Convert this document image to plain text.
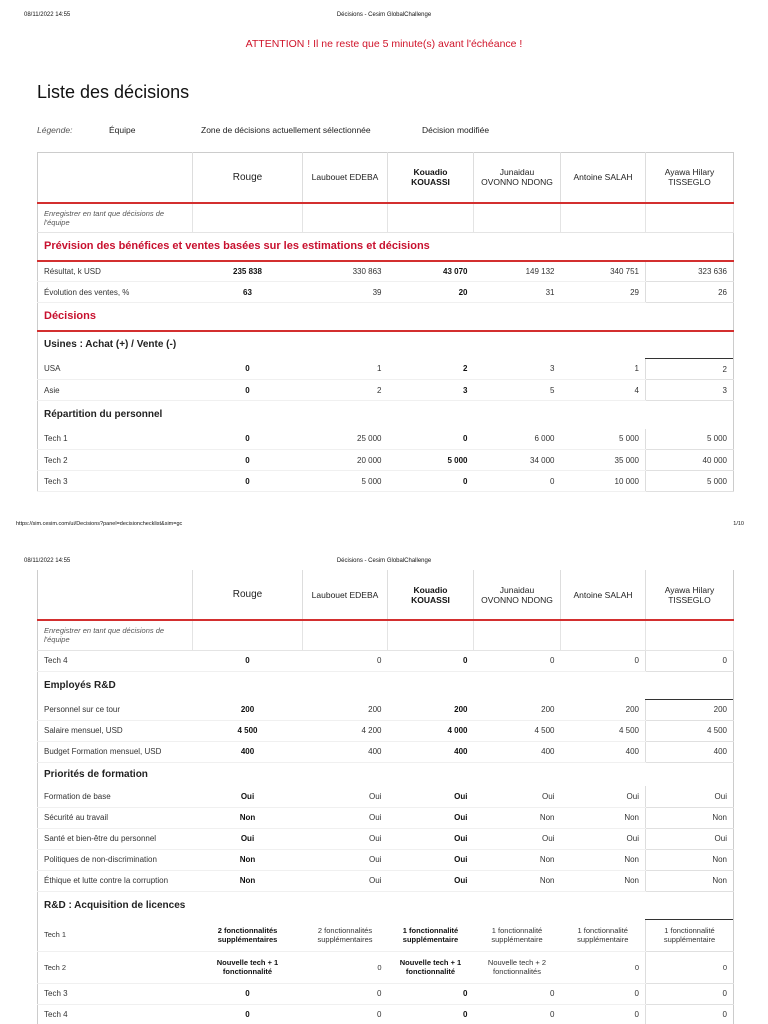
08/11/2022 14:55	Décisions - Cesim GlobalChallenge
ATTENTION ! Il ne reste que 5 minute(s) avant l'échéance !
Liste des décisions
Légende:	Équipe	Zone de décisions actuellement sélectionnée	Décision modifiée
	Rouge	Laubouet EDEBA	Kouadio KOUASSI	Junaidau OVONNO NDONG	Antoine SALAH	Ayawa Hilary TISSEGLO
Enregistrer en tant que décisions de l'équipe						
Prévision des bénéfices et ventes basées sur les estimations et décisions						
Résultat, k USD	235 838	330 863	43 070	149 132	340 751	323 636
Évolution des ventes, %	63	39	20	31	29	26
Décisions						
Usines : Achat (+) / Vente (-)						
USA	0	1	2	3	1	2
Asie	0	2	3	5	4	3
Répartition du personnel						
Tech 1	0	25 000	0	6 000	5 000	5 000
Tech 2	0	20 000	5 000	34 000	35 000	40 000
Tech 3	0	5 000	0	0	10 000	5 000
https://sim.cesim.com/ui/Decisions?panel=decisionchecklist&sim=gc	1/10
08/11/2022 14:55	Décisions - Cesim GlobalChallenge
	Rouge	Laubouet EDEBA	Kouadio KOUASSI	Junaidau OVONNO NDONG	Antoine SALAH	Ayawa Hilary TISSEGLO
Enregistrer en tant que décisions de l'équipe						
Tech 4	0	0	0	0	0	0
Employés R&D						
Personnel sur ce tour	200	200	200	200	200	200
Salaire mensuel, USD	4 500	4 200	4 000	4 500	4 500	4 500
Budget Formation mensuel, USD	400	400	400	400	400	400
Priorités de formation						
Formation de base	Oui	Oui	Oui	Oui	Oui	Oui
Sécurité au travail	Non	Oui	Oui	Non	Non	Non
Santé et bien-être du personnel	Oui	Oui	Oui	Oui	Oui	Oui
Politiques de non-discrimination	Non	Oui	Oui	Non	Non	Non
Éthique et lutte contre la corruption	Non	Oui	Oui	Non	Non	Non
R&D : Acquisition de licences						
Tech 1	2 fonctionnalités supplémentaires	2 fonctionnalités supplémentaires	1 fonctionnalité supplémentaire	1 fonctionnalité supplémentaire	1 fonctionnalité supplémentaire	1 fonctionnalité supplémentaire
Tech 2	Nouvelle tech + 1 fonctionnalité	0	Nouvelle tech + 1 fonctionnalité	Nouvelle tech + 2 fonctionnalités	0	0
Tech 3	0	0	0	0	0	0
Tech 4	0	0	0	0	0	0
